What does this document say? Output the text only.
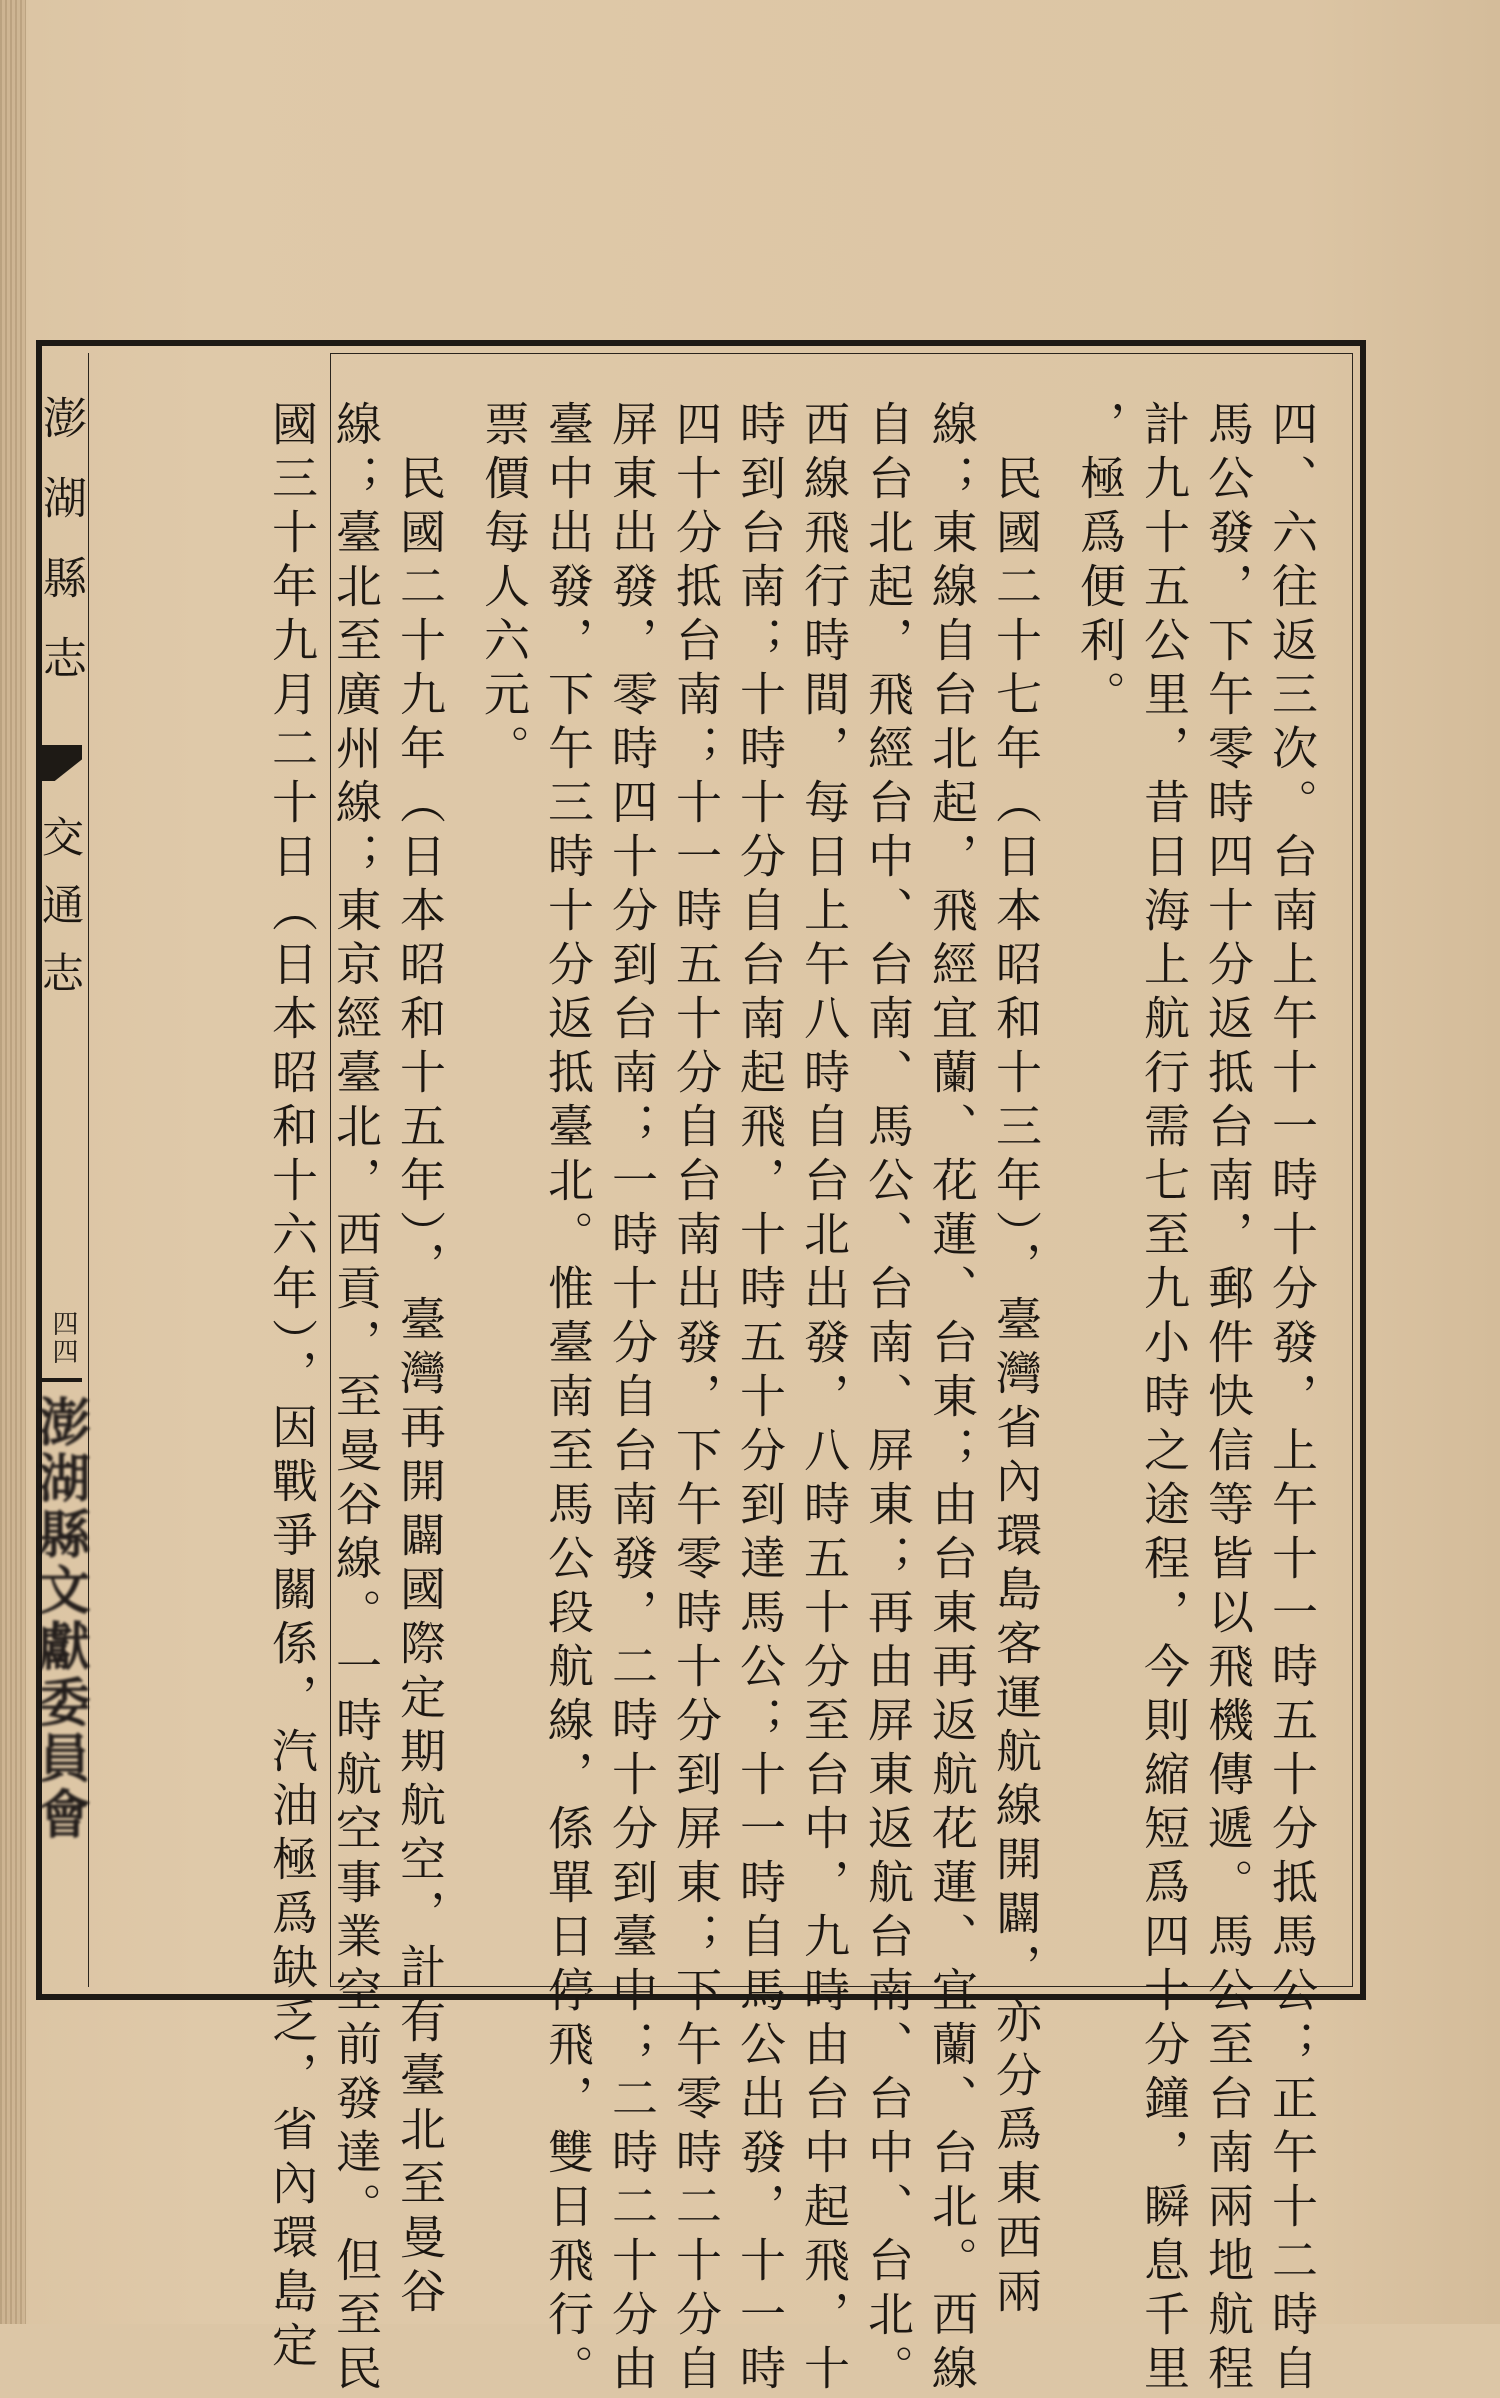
澎湖縣志
交通志
四四
澎湖縣文獻委員會	四、六往返三次。台南上午十一時十分發，上午十一時五十分抵馬公；正午十二時自
馬公發，下午零時四十分返抵台南，郵件快信等皆以飛機傳遞。馬公至台南兩地航程
計九十五公里，昔日海上航行需七至九小時之途程，今則縮短爲四十分鐘，瞬息千里
，極爲便利。
　民國二十七年（日本昭和十三年），臺灣省內環島客運航線開闢，亦分爲東西兩
線；東線自台北起，飛經宜蘭、花蓮、台東；由台東再返航花蓮、宜蘭、台北。西線
自台北起，飛經台中、台南、馬公、台南、屏東；再由屏東返航台南、台中、台北。
西線飛行時間，每日上午八時自台北出發，八時五十分至台中，九時由台中起飛，十
時到台南；十時十分自台南起飛，十時五十分到達馬公；十一時自馬公出發，十一時
四十分抵台南；十一時五十分自台南出發，下午零時十分到屏東；下午零時二十分自
屏東出發，零時四十分到台南；一時十分自台南發，二時十分到臺中；二時二十分由
臺中出發，下午三時十分返抵臺北。惟臺南至馬公段航線，係單日停飛，雙日飛行。
票價每人六元。
　民國二十九年（日本昭和十五年），臺灣再開闢國際定期航空，計有臺北至曼谷
線；臺北至廣州線；東京經臺北，西貢，至曼谷線。一時航空事業空前發達。但至民
國三十年九月二十日（日本昭和十六年），因戰爭關係，汽油極爲缺乏，省內環島定
